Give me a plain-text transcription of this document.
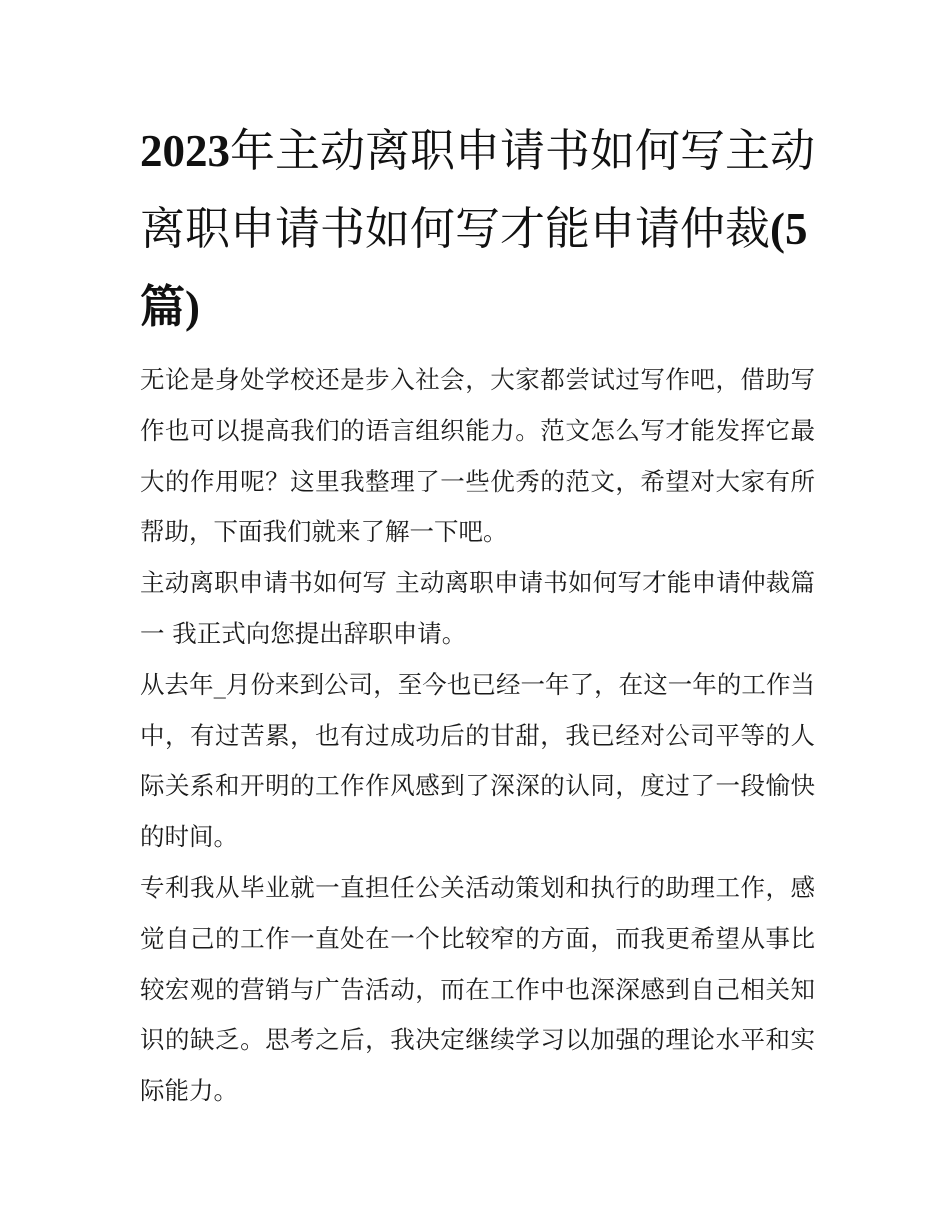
2023年主动离职申请书如何写主动离职申请书如何写才能申请仲裁(5篇)

无论是身处学校还是步入社会，大家都尝试过写作吧，借助写作也可以提高我们的语言组织能力。范文怎么写才能发挥它最大的作用呢？这里我整理了一些优秀的范文，希望对大家有所帮助，下面我们就来了解一下吧。

主动离职申请书如何写 主动离职申请书如何写才能申请仲裁篇一 我正式向您提出辞职申请。

从去年_月份来到公司，至今也已经一年了，在这一年的工作当中，有过苦累，也有过成功后的甘甜，我已经对公司平等的人际关系和开明的工作作风感到了深深的认同，度过了一段愉快的时间。

专利我从毕业就一直担任公关活动策划和执行的助理工作，感觉自己的工作一直处在一个比较窄的方面，而我更希望从事比较宏观的营销与广告活动，而在工作中也深深感到自己相关知识的缺乏。思考之后，我决定继续学习以加强的理论水平和实际能力。
